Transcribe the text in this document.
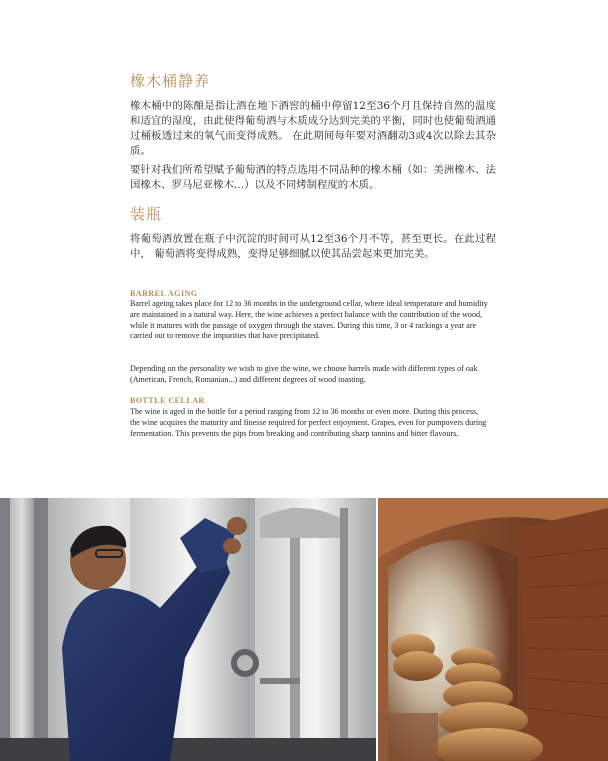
橡木桶静养

橡木桶中的陈酿是指让酒在地下酒窖的桶中停留12至36个月且保持自然的温度和适宜的湿度，由此使得葡萄酒与木质成分达到完美的平衡，同时也使葡萄酒通过桶板透过来的氧气而变得成熟。 在此期间每年要对酒翻动3或4次以除去其杂质。

要针对我们所希望赋予葡萄酒的特点选用不同品种的橡木桶（如：美洲橡木、法国橡木、罗马尼亚橡木…）以及不同烤制程度的木质。

装瓶

将葡萄酒放置在瓶子中沉淀的时间可从12至36个月不等，甚至更长。在此过程中， 葡萄酒将变得成熟，变得足够细腻以使其品尝起来更加完美。

BARREL AGING

Barrel ageing takes place for 12 to 36 months in the underground cellar, where ideal temperature and humidity are maintained in a natural way. Here, the wine achieves a perfect balance with the contribution of the wood, while it matures with the passage of oxygen through the staves. During this time, 3 or 4 rackings a year are carried out to remove the impurities that have precipitated.

Depending on the personality we wish to give the wine, we choose barrels made with different types of oak (American, French, Romanian...) and different degrees of wood toasting.

BOTTLE CELLAR

The wine is aged in the bottle for a period ranging from 12 to 36 months or even more. During this process, the wine acquires the maturity and finesse required for perfect enjoyment. Grapes, even for pumpovers during fermentation. This prevents the pips from breaking and contributing sharp tannins and bitter flavours.
